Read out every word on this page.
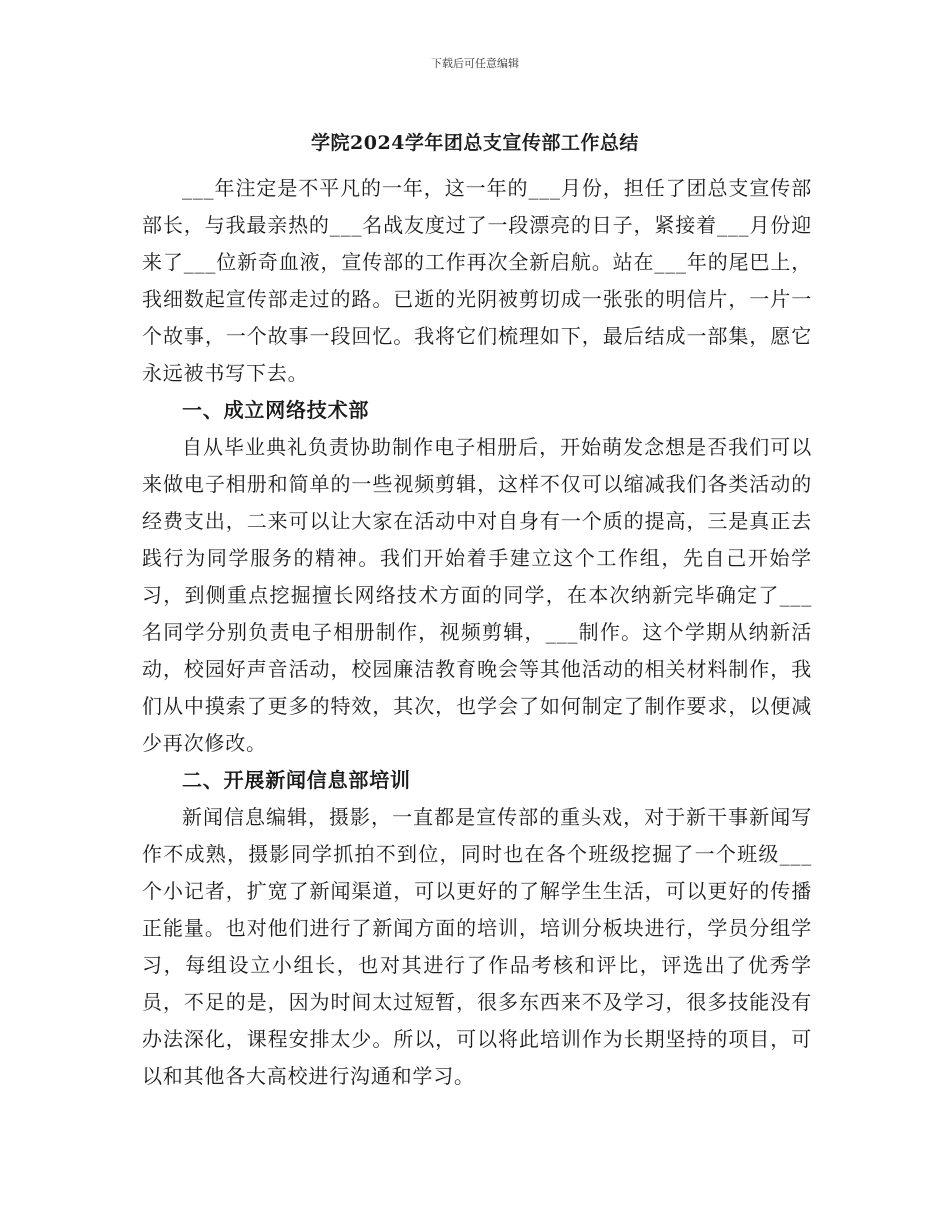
下载后可任意编辑
学院2024学年团总支宣传部工作总结

___年注定是不平凡的一年，这一年的___月份，担任了团总支宣传部部长，与我最亲热的___名战友度过了一段漂亮的日子，紧接着___月份迎来了___位新奇血液，宣传部的工作再次全新启航。站在___年的尾巴上，我细数起宣传部走过的路。已逝的光阴被剪切成一张张的明信片，一片一个故事，一个故事一段回忆。我将它们梳理如下，最后结成一部集，愿它永远被书写下去。

一、成立网络技术部

自从毕业典礼负责协助制作电子相册后，开始萌发念想是否我们可以来做电子相册和简单的一些视频剪辑，这样不仅可以缩减我们各类活动的经费支出，二来可以让大家在活动中对自身有一个质的提高，三是真正去践行为同学服务的精神。我们开始着手建立这个工作组，先自己开始学习，到侧重点挖掘擅长网络技术方面的同学，在本次纳新完毕确定了___名同学分别负责电子相册制作，视频剪辑，___制作。这个学期从纳新活动，校园好声音活动，校园廉洁教育晚会等其他活动的相关材料制作，我们从中摸索了更多的特效，其次，也学会了如何制定了制作要求，以便减少再次修改。

二、开展新闻信息部培训

新闻信息编辑，摄影，一直都是宣传部的重头戏，对于新干事新闻写作不成熟，摄影同学抓拍不到位，同时也在各个班级挖掘了一个班级___个小记者，扩宽了新闻渠道，可以更好的了解学生生活，可以更好的传播正能量。也对他们进行了新闻方面的培训，培训分板块进行，学员分组学习，每组设立小组长，也对其进行了作品考核和评比，评选出了优秀学员，不足的是，因为时间太过短暂，很多东西来不及学习，很多技能没有办法深化，课程安排太少。所以，可以将此培训作为长期坚持的项目，可以和其他各大高校进行沟通和学习。
